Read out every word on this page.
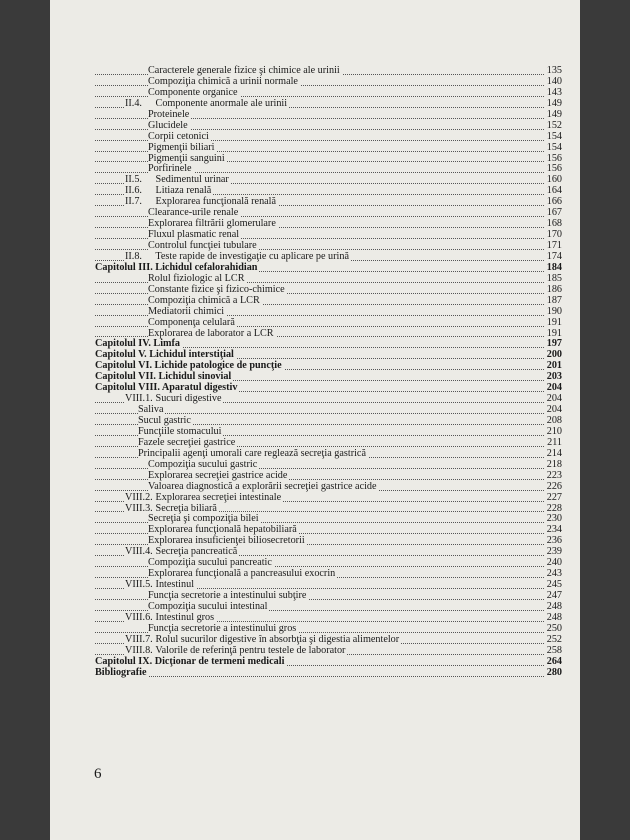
Caracterele generale fizice şi chimice ale urinii	135
Compoziţia chimică a urinii normale	140
Componente organice	143
II.4. Componente anormale ale urinii	149
Proteinele	149
Glucidele	152
Corpii cetonici	154
Pigmenţii biliari	154
Pigmenţii sanguini	156
Porfirinele	156
II.5. Sedimentul urinar	160
II.6. Litiaza renală	164
II.7. Explorarea funcţională renală	166
Clearance-urile renale	167
Explorarea filtrării glomerulare	168
Fluxul plasmatic renal	170
Controlul funcţiei tubulare	171
II.8. Teste rapide de investigaţie cu aplicare pe urină	174
Capitolul III. Lichidul cefalorahidian	184
Rolul fiziologic al LCR	185
Constante fizice şi fizico-chimice	186
Compoziţia chimică a LCR	187
Mediatorii chimici	190
Componenţa celulară	191
Explorarea de laborator a LCR	191
Capitolul IV. Limfa	197
Capitolul V. Lichidul interstiţial	200
Capitolul VI. Lichide patologice de puncţie	201
Capitolul VII. Lichidul sinovial	203
Capitolul VIII. Aparatul digestiv	204
VIII.1. Sucuri digestive	204
Saliva	204
Sucul gastric	208
Funcţiile stomacului	210
Fazele secreţiei gastrice	211
Principalii agenţi umorali care reglează secreţia gastrică	214
Compoziţia sucului gastric	218
Explorarea secreţiei gastrice acide	223
Valoarea diagnostică a explorării secreţiei gastrice acide	226
VIII.2. Explorarea secreţiei intestinale	227
VIII.3. Secreţia biliară	228
Secreţia şi compoziţia bilei	230
Explorarea funcţională hepatobiliară	234
Explorarea insuficienţei biliosecretorii	236
VIII.4. Secreţia pancreatică	239
Compoziţia sucului pancreatic	240
Explorarea funcţională a pancreasului exocrin	243
VIII.5. Intestinul	245
Funcţia secretorie a intestinului subţire	247
Compoziţia sucului intestinal	248
VIII.6. Intestinul gros	248
Funcţia secretorie a intestinului gros	250
VIII.7. Rolul sucurilor digestive în absorbţia şi digestia alimentelor	252
VIII.8. Valorile de referinţă pentru testele de laborator	258
Capitolul IX. Dicţionar de termeni medicali	264
Bibliografie	280
6
